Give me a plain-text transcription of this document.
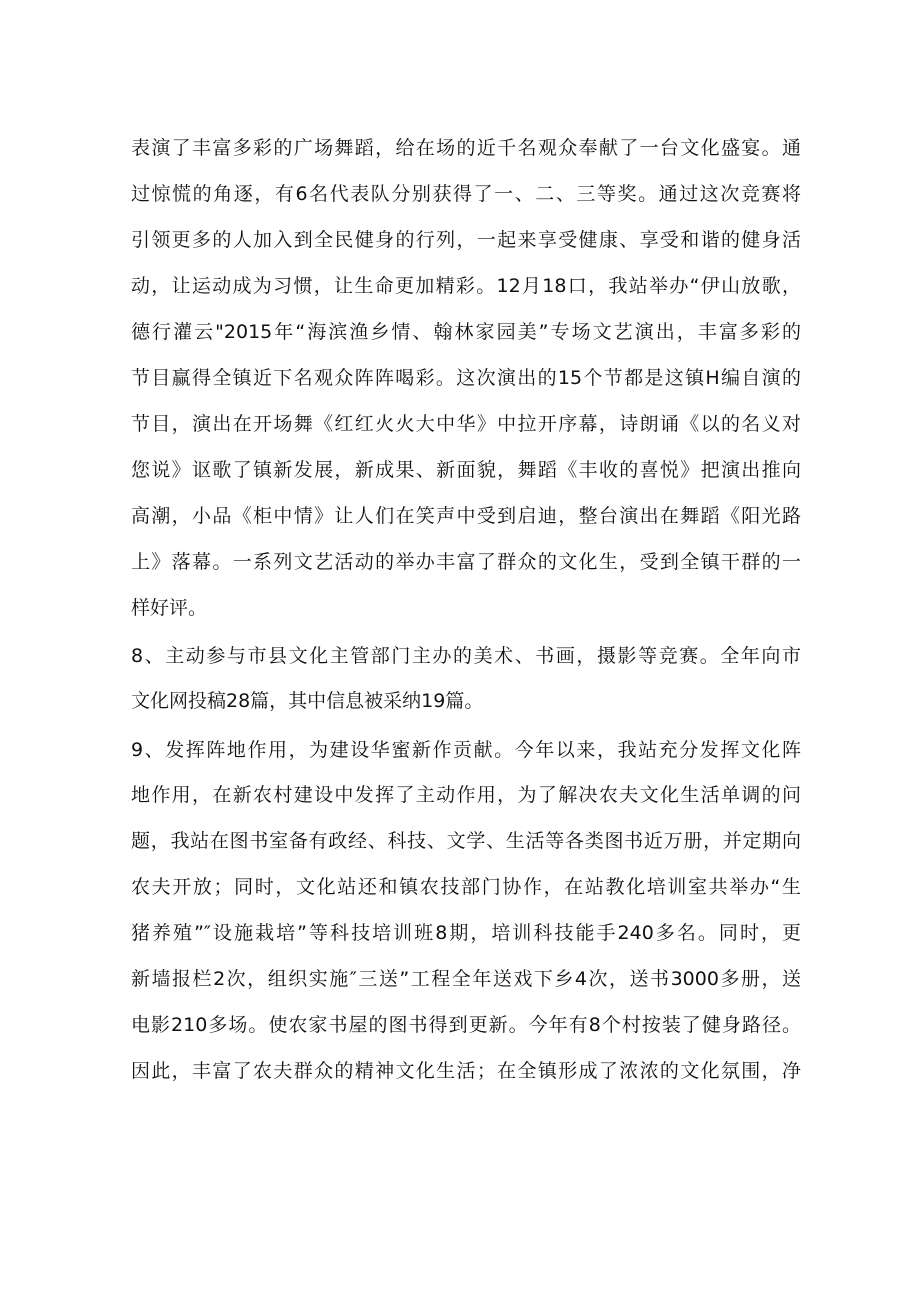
表演了丰富多彩的广场舞蹈，给在场的近千名观众奉献了一台文化盛宴。通
过惊慌的角逐，有6名代表队分别获得了一、二、三等奖。通过这次竞赛将
引领更多的人加入到全民健身的行列，一起来享受健康、享受和谐的健身活
动，让运动成为习惯，让生命更加精彩。12月18口，我站举办“伊山放歌，
德行灌云"2015年“海滨渔乡情、翰林家园美”专场文艺演出，丰富多彩的
节目赢得全镇近下名观众阵阵喝彩。这次演出的15个节都是这镇H编自演的
节目，演出在开场舞《红红火火大中华》中拉开序幕，诗朗诵《以的名义对
您说》讴歌了镇新发展，新成果、新面貌，舞蹈《丰收的喜悦》把演出推向
高潮，小品《柜中情》让人们在笑声中受到启迪，整台演出在舞蹈《阳光路
上》落幕。一系列文艺活动的举办丰富了群众的文化生，受到全镇干群的一
样好评。
8、主动参与市县文化主管部门主办的美术、书画，摄影等竞赛。全年向市
文化网投稿28篇，其中信息被采纳19篇。
9、发挥阵地作用，为建设华蜜新作贡献。今年以来，我站充分发挥文化阵
地作用，在新农村建设中发挥了主动作用，为了解决农夫文化生活单调的问
题，我站在图书室备有政经、科技、文学、生活等各类图书近万册，并定期向
农夫开放；同时，文化站还和镇农技部门协作，在站教化培训室共举办“生
猪养殖”″设施栽培”等科技培训班8期，培训科技能手240多名。同时，更
新墙报栏2次，组织实施″三送”工程全年送戏下乡4次，送书3000多册，送
电影210多场。使农家书屋的图书得到更新。今年有8个村按装了健身路径。
因此，丰富了农夫群众的精神文化生活；在全镇形成了浓浓的文化氛围，净
